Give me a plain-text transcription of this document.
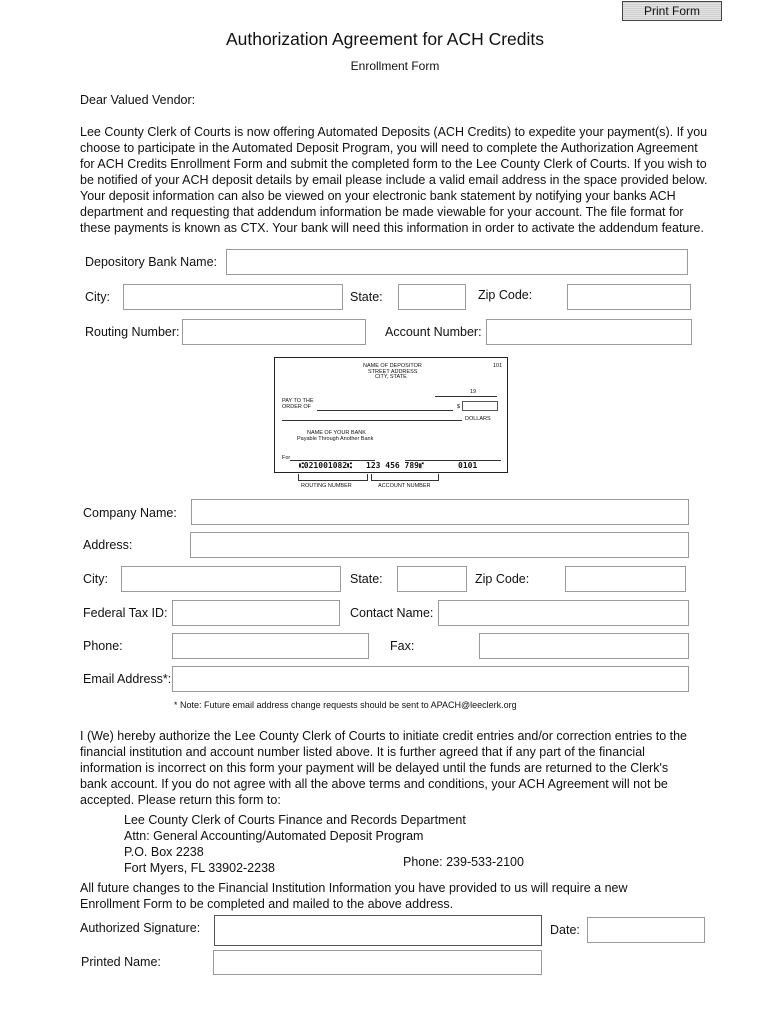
Print Form
Authorization Agreement for ACH Credits
Enrollment Form
Dear Valued Vendor:
Lee County Clerk of Courts is now offering Automated Deposits (ACH Credits) to expedite your payment(s). If you
choose to participate in the Automated Deposit Program, you will need to complete the Authorization Agreement
for ACH Credits Enrollment Form and submit the completed form to the Lee County Clerk of Courts. If you wish to
be notified of your ACH deposit details by email please include a valid email address in the space provided below.
Your deposit information can also be viewed on your electronic bank statement by notifying your banks ACH
department and requesting that addendum information be made viewable for your account. The file format for
these payments is known as CTX. Your bank will need this information in order to activate the addendum feature.
Depository Bank Name:
City:	State:	Zip Code:
Routing Number:	Account Number:
NAME OF DEPOSITOR
STREET ADDRESS
CITY, STATE
101
19
PAY TO THE
ORDER OF	$
DOLLARS
NAME OF YOUR BANK
Payable Through Another Bank
For
⑆021001082⑆ 123 456 789⑈	0101
ROUTING NUMBER	ACCOUNT NUMBER
Company Name:
Address:
City:	State:	Zip Code:
Federal Tax ID:	Contact Name:
Phone:	Fax:
Email Address*:
* Note: Future email address change requests should be sent to APACH@leeclerk.org
I (We) hereby authorize the Lee County Clerk of Courts to initiate credit entries and/or correction entries to the
financial institution and account number listed above. It is further agreed that if any part of the financial
information is incorrect on this form your payment will be delayed until the funds are returned to the Clerk's
bank account. If you do not agree with all the above terms and conditions, your ACH Agreement will not be
accepted. Please return this form to:
Lee County Clerk of Courts Finance and Records Department
Attn: General Accounting/Automated Deposit Program
P.O. Box 2238
Fort Myers, FL 33902-2238	Phone: 239-533-2100
All future changes to the Financial Institution Information you have provided to us will require a new
Enrollment Form to be completed and mailed to the above address.
Authorized Signature:	Date:
Printed Name:
